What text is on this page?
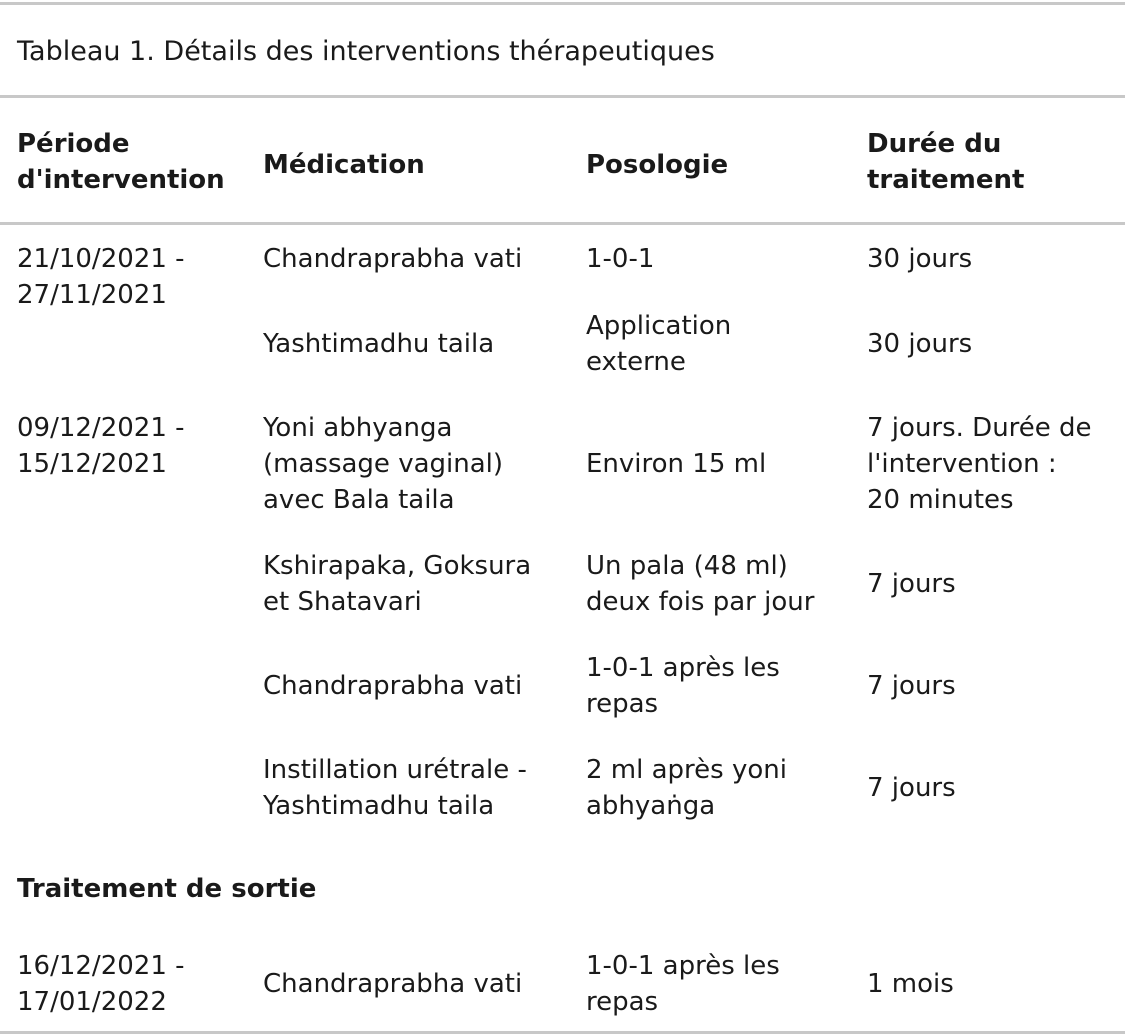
Tableau 1. Détails des interventions thérapeutiques
Période
d'intervention Médication	Posologie
Durée du
traitement
21/10/2021 -
27/11/2021
Chandraprabha vati 1-0-1	30 jours
Yashtimadhu taila
Application
externe
30 jours
09/12/2021 -
15/12/2021
Yoni abhyanga
(massage vaginal)
avec Bala taila
Environ 15 ml
7 jours. Durée de
l'intervention :
20 minutes
Kshirapaka, Goksura
et Shatavari
Un pala (48 ml)
deux fois par jour
7 jours
Chandraprabha vati
1-0-1 après les
repas
7 jours
Instillation urétrale -
Yashtimadhu taila
2 ml après yoni
abhyaṅga
7 jours
Traitement de sortie
16/12/2021 -
17/01/2022
Chandraprabha vati
1-0-1 après les
repas
1 mois
